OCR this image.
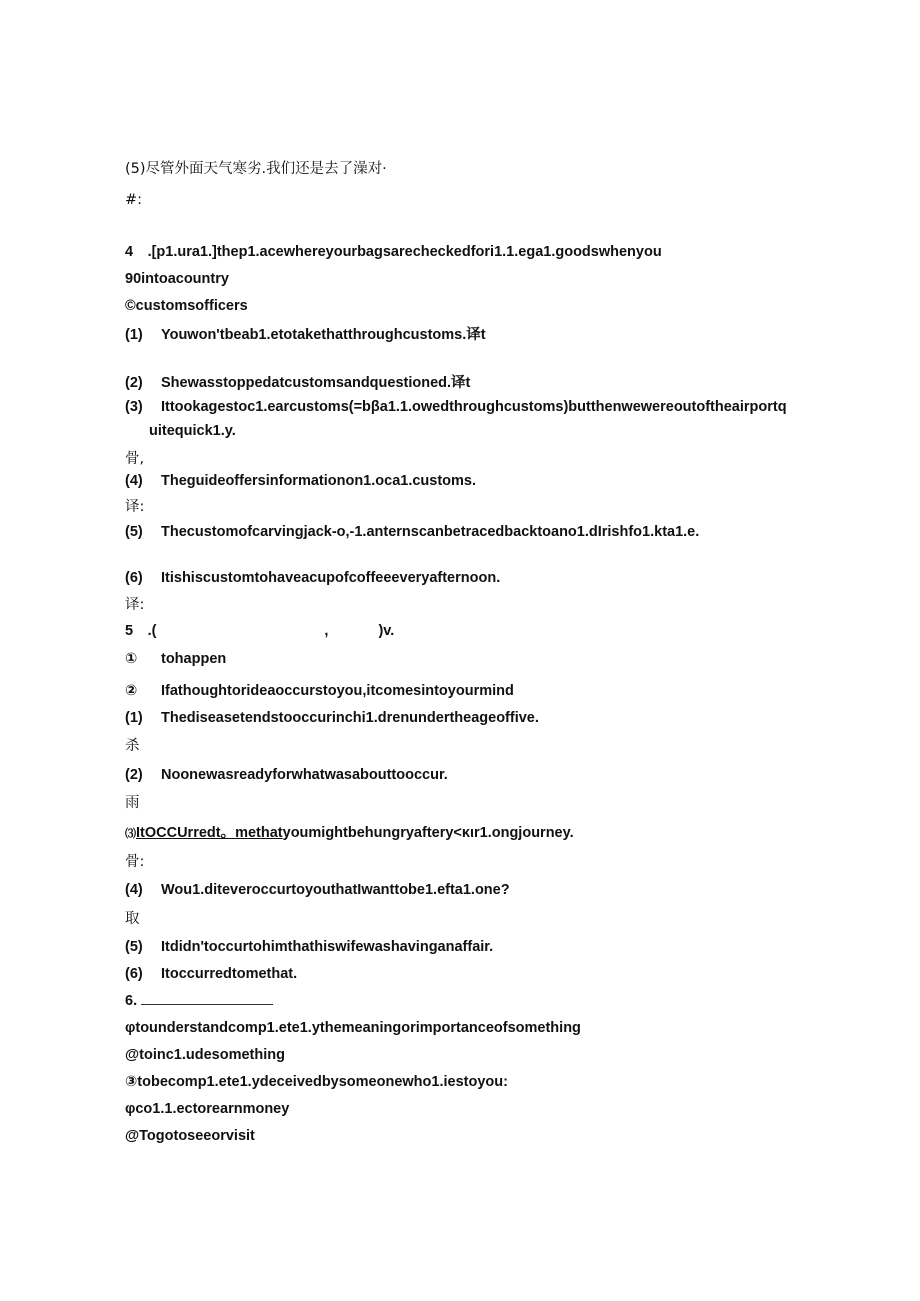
(5)尽管外面天气寒劣.我们还是去了澡对·
#:
4　.[p1.ura1.]thep1.acewhereyourbagsarecheckedfori1.1.ega1.goodswhenyou
90intoacountry
©customsofficers
(1) Youwon'tbeab1.etotakethatthroughcustoms.译t
(2) Shewasstoppedatcustomsandquestioned.译t
(3) Ittookagestoc1.earcustoms(=bβa1.1.owedthroughcustoms)butthenwewereoutoftheairportq
uitequick1.y.
骨,
(4) Theguideoffersinformationon1.oca1.customs.
译:
(5) Thecustomofcarvingjack-o,-1.anternscanbetracedbacktoano1.dIrishfo1.kta1.e.
(6) Itishiscustomtohaveacupofcoffeeeveryafternoon.
译:
5　.(	,	)v.
① tohappen
② Ifathoughtorideaoccurstoyou,itcomesintoyourmind
(1) Thediseasetendstooccurinchi1.drenundertheageoffive.
杀
(2) Noonewasreadyforwhatwasabouttooccur.
雨
⑶ItOCCUrredt。methatyoumightbehungryaftery<κιr1.ongjourney.
骨:
(4) Wou1.diteveroccurtoyouthatIwanttobe1.efta1.one?
取
(5) Itdidn'toccurtohimthathiswifewashavinganaffair.
(6) Itoccurredtomethat.
6.
φtounderstandcomp1.ete1.ythemeaningorimportanceofsomething
@toinc1.udesomething
③tobecomp1.ete1.ydeceivedbysomeonewho1.iestoyou:
φco1.1.ectorearnmoney
@Togotoseeorvisit
